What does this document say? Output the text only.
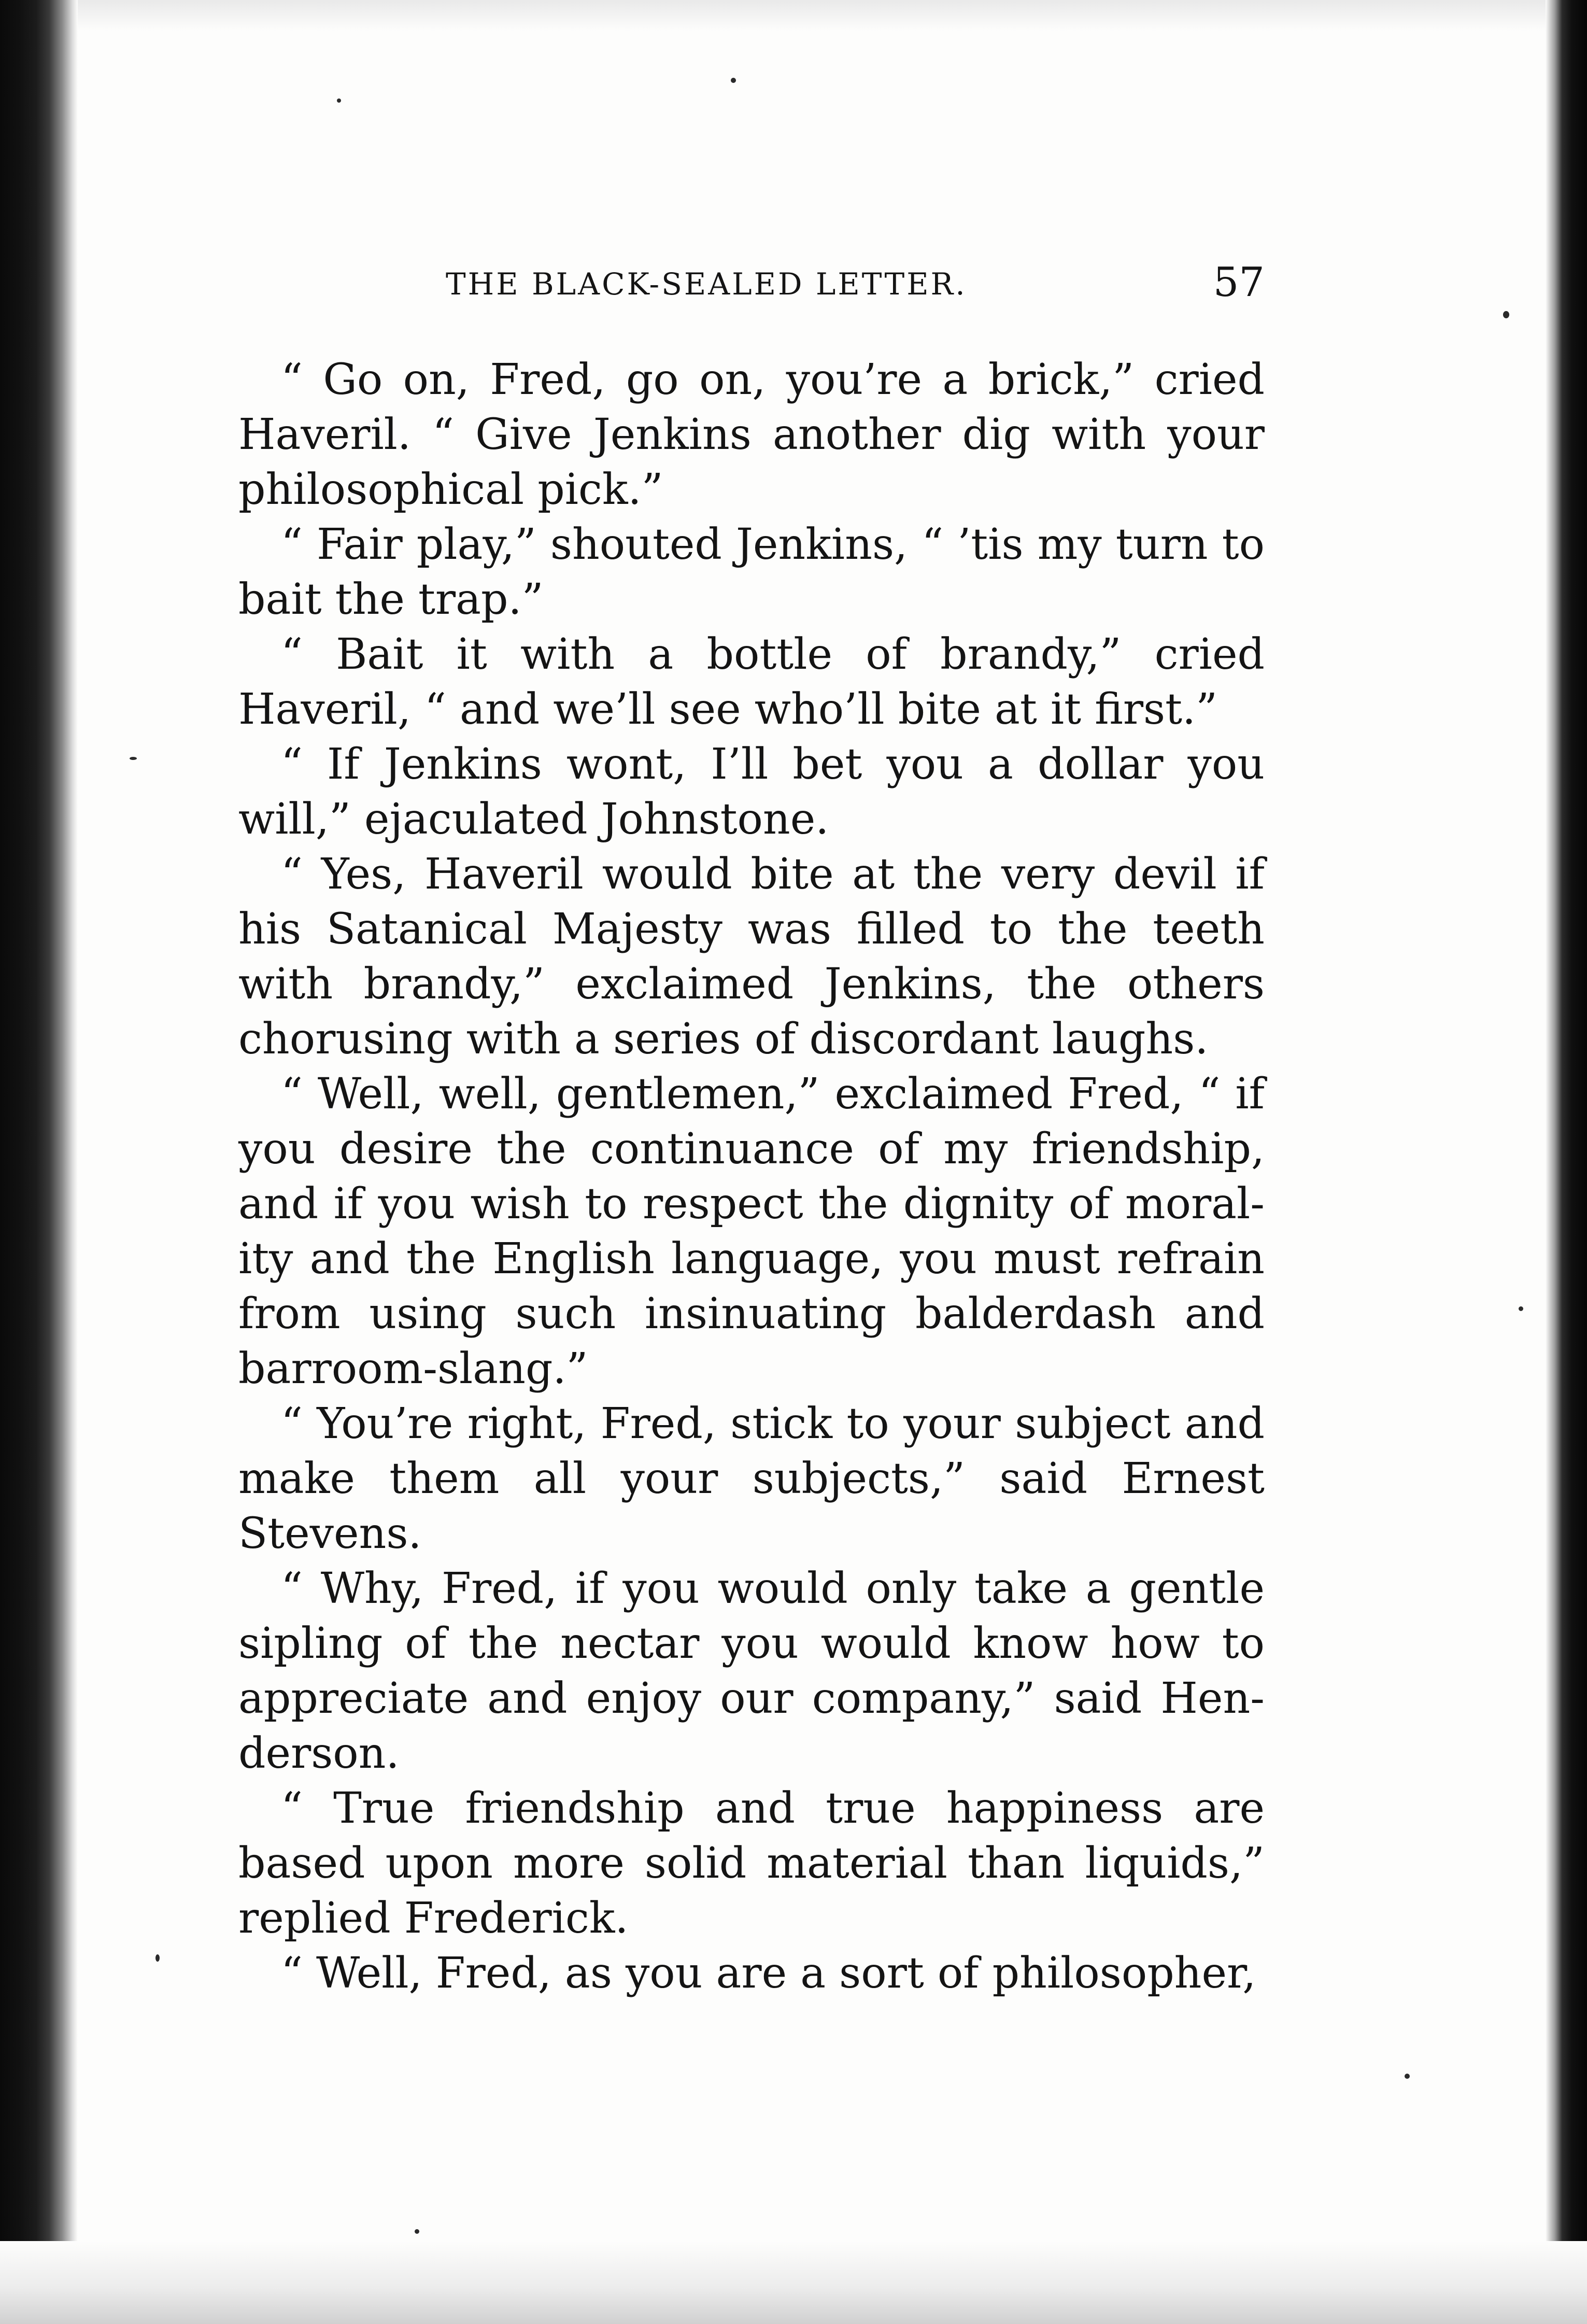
THE BLACK-SEALED LETTER.	57

“ Go on, Fred, go on, you’re a brick,” cried Haveril. “ Give Jenkins another dig with your philosophical pick.”

“ Fair play,” shouted Jenkins, “ ’tis my turn to bait the trap.”

“ Bait it with a bottle of brandy,” cried Haveril, “ and we’ll see who’ll bite at it first.”

“ If Jenkins wont, I’ll bet you a dollar you will,” ejaculated Johnstone.

“ Yes, Haveril would bite at the very devil if his Satanical Majesty was filled to the teeth with brandy,” exclaimed Jenkins, the others chorusing with a series of discordant laughs.

“ Well, well, gentlemen,” exclaimed Fred, “ if you desire the continuance of my friendship, and if you wish to respect the dignity of morality and the English language, you must refrain from using such insinuating balderdash and barroom-slang.”

“ You’re right, Fred, stick to your subject and make them all your subjects,” said Ernest Stevens.

“ Why, Fred, if you would only take a gentle sipling of the nectar you would know how to appreciate and enjoy our company,” said Henderson.

“ True friendship and true happiness are based upon more solid material than liquids,” replied Frederick.

“ Well, Fred, as you are a sort of philosopher,
